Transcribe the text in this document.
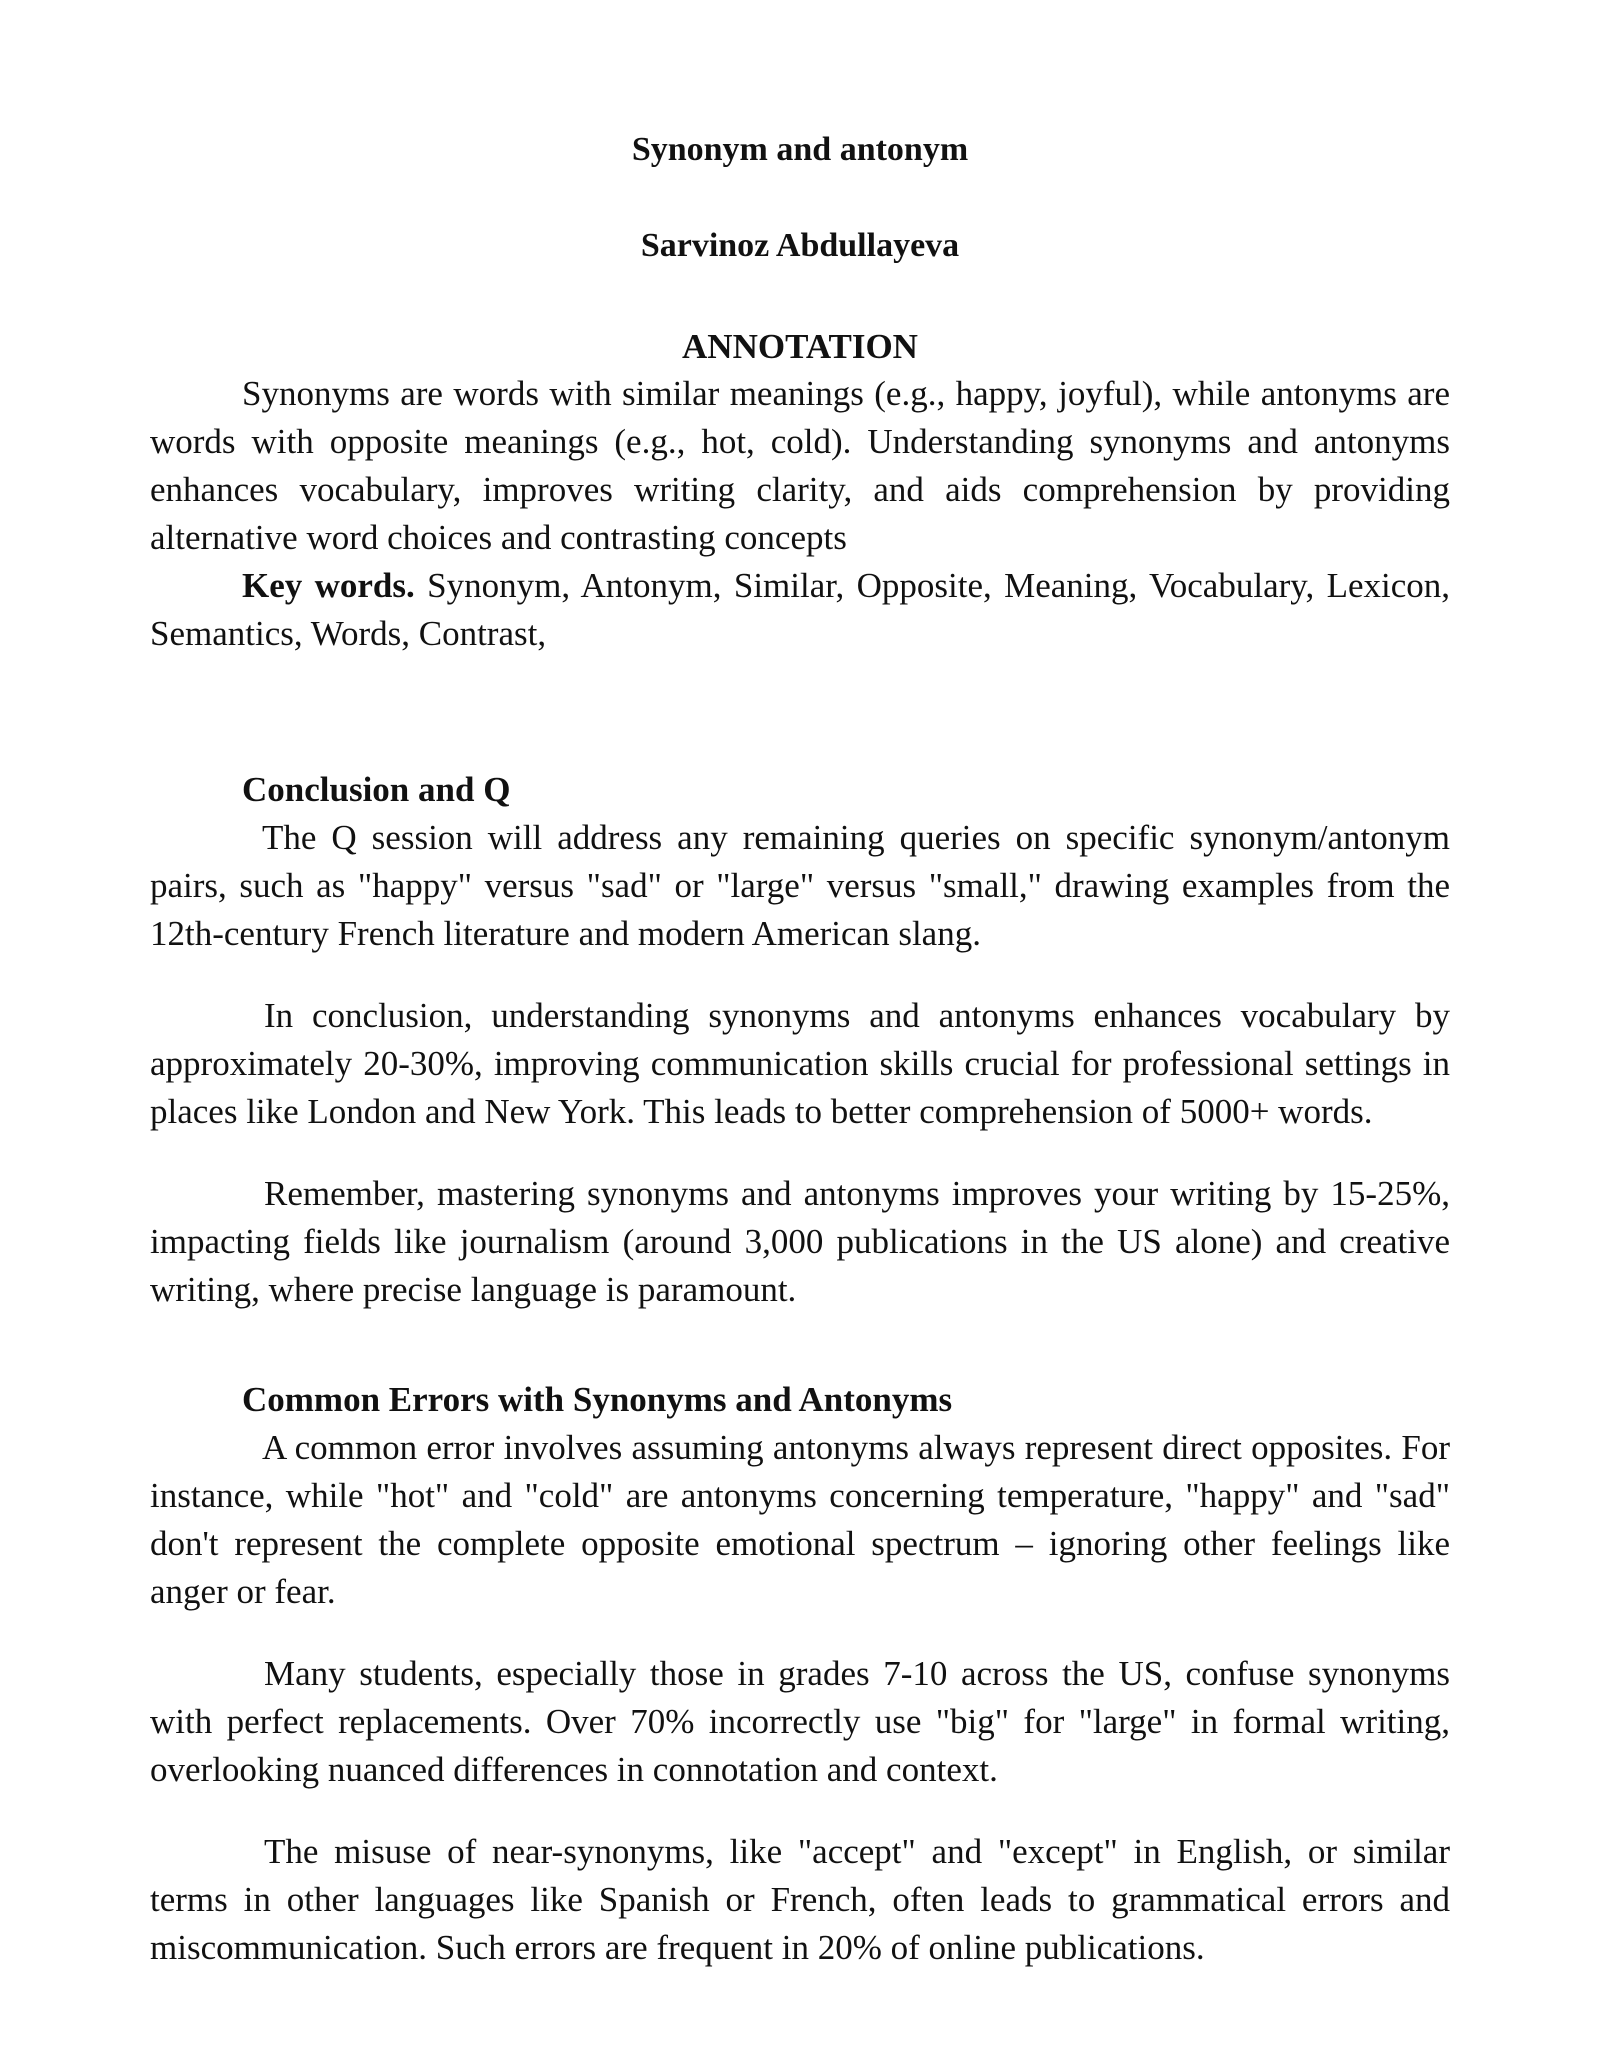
Synonym and antonym
Sarvinoz Abdullayeva
ANNOTATION

Synonyms are words with similar meanings (e.g., happy, joyful), while antonyms are words with opposite meanings (e.g., hot, cold). Understanding synonyms and antonyms enhances vocabulary, improves writing clarity, and aids comprehension by providing alternative word choices and contrasting concepts

Key words. Synonym, Antonym, Similar, Opposite, Meaning, Vocabulary, Lexicon, Semantics, Words, Contrast,

Conclusion and Q

The Q session will address any remaining queries on specific synonym/antonym pairs, such as "happy" versus "sad" or "large" versus "small," drawing examples from the 12th-century French literature and modern American slang.

In conclusion, understanding synonyms and antonyms enhances vocabulary by approximately 20-30%, improving communication skills crucial for professional settings in places like London and New York. This leads to better comprehension of 5000+ words.

Remember, mastering synonyms and antonyms improves your writing by 15-25%, impacting fields like journalism (around 3,000 publications in the US alone) and creative writing, where precise language is paramount.

Common Errors with Synonyms and Antonyms

A common error involves assuming antonyms always represent direct opposites. For instance, while "hot" and "cold" are antonyms concerning temperature, "happy" and "sad" don't represent the complete opposite emotional spectrum – ignoring other feelings like anger or fear.

Many students, especially those in grades 7-10 across the US, confuse synonyms with perfect replacements. Over 70% incorrectly use "big" for "large" in formal writing, overlooking nuanced differences in connotation and context.

The misuse of near-synonyms, like "accept" and "except" in English, or similar terms in other languages like Spanish or French, often leads to grammatical errors and miscommunication. Such errors are frequent in 20% of online publications.
